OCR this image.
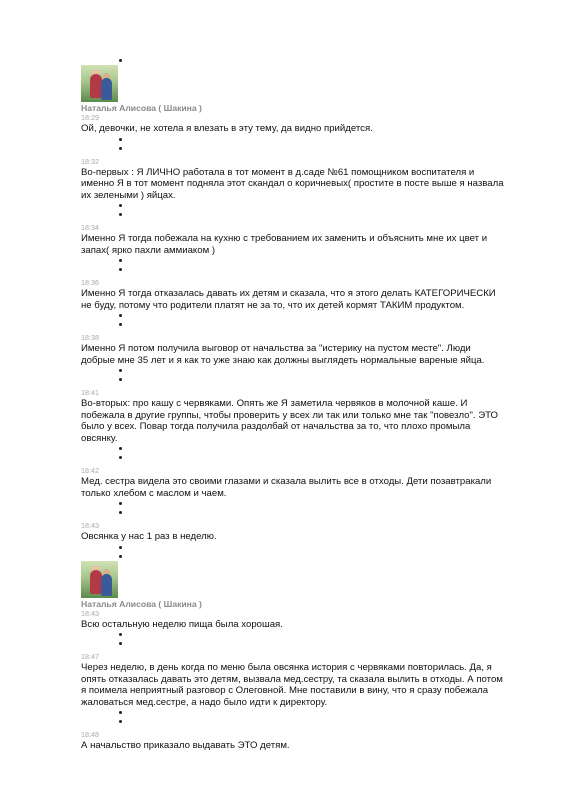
Наталья Алисова ( Шакина )
18:29
Ой, девочки, не хотела я влезать в эту тему, да видно прийдется.
18:32
Во-первых : Я ЛИЧНО работала в тот момент в д.саде №61 помощником воспитателя и
именно Я в тот момент подняла этот скандал о коричневых( простите в посте выше я назвала
их зелеными ) яйцах.
18:34
Именно Я тогда побежала на кухню с требованием их заменить и объяснить мне их цвет и
запах( ярко пахли аммиаком )
18:36
Именно Я тогда отказалась давать их детям и сказала, что я этого делать КАТЕГОРИЧЕСКИ
не буду, потому что родители платят не за то, что их детей кормят ТАКИМ продуктом.
18:38
Именно Я потом получила выговор от начальства за "истерику на пустом месте". Люди
добрые мне 35 лет и я как то уже знаю как должны выглядеть нормальные вареные яйца.
18:41
Во-вторых: про кашу с червяками. Опять же Я заметила червяков в молочной каше. И
побежала в другие группы, чтобы проверить у всех ли так или только мне так "повезло". ЭТО
было у всех. Повар тогда получила раздолбай от начальства за то, что плохо промыла
овсянку.
18:42
Мед. сестра видела это своими глазами и сказала вылить все в отходы. Дети позавтракали
только хлебом с маслом и чаем.
18:43
Овсянка у нас 1 раз в неделю.
Наталья Алисова ( Шакина )
18:43
Всю остальную неделю пища была хорошая.
18:47
Через неделю, в день когда по меню была овсянка история с червяками повторилась. Да, я
опять отказалась давать это детям, вызвала мед.сестру, та сказала вылить в отходы. А потом
я поимела неприятный разговор с Олеговной. Мне поставили в вину, что я сразу побежала
жаловаться мед.сестре, а надо было идти к директору.
18:48
А начальство приказало выдавать ЭТО детям.
